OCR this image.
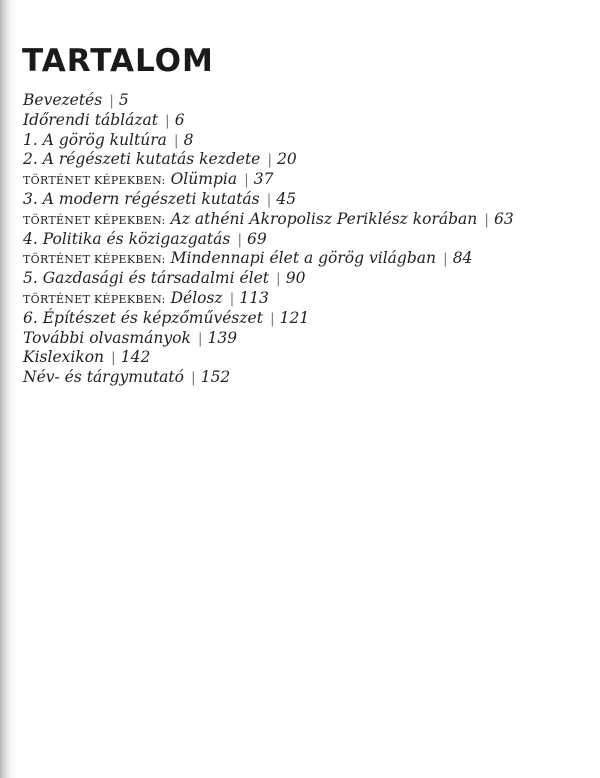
TARTALOM
Bevezetés | 5
Időrendi táblázat | 6
1. A görög kultúra | 8
2. A régészeti kutatás kezdete | 20
TÖRTÉNET KÉPEKBEN: Olümpia | 37
3. A modern régészeti kutatás | 45
TÖRTÉNET KÉPEKBEN: Az athéni Akropolisz Periklész korában | 63
4. Politika és közigazgatás | 69
TÖRTÉNET KÉPEKBEN: Mindennapi élet a görög világban | 84
5. Gazdasági és társadalmi élet | 90
TÖRTÉNET KÉPEKBEN: Délosz | 113
6. Építészet és képzőművészet | 121
További olvasmányok | 139
Kislexikon | 142
Név- és tárgymutató | 152
